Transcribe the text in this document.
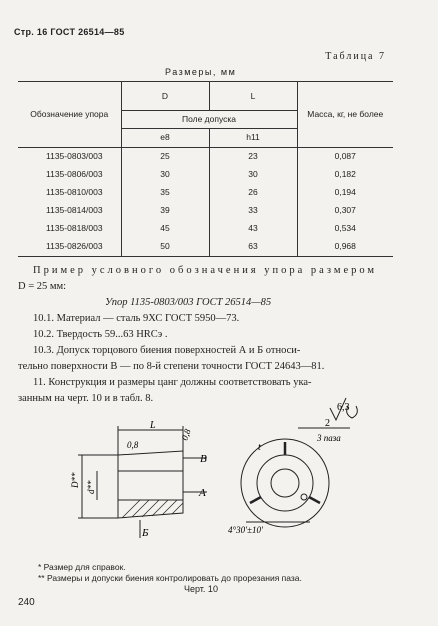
Стр. 16 ГОСТ 26514—85
Таблица 7
Размеры, мм
Обозначение упора	D	L	Масса, кг, не более
	Поле допуска		
	e8	h11	
1135-0803/003	25	23	0,087
1135-0806/003	30	30	0,182
1135-0810/003	35	26	0,194
1135-0814/003	39	33	0,307
1135-0818/003	45	43	0,534
1135-0826/003	50	63	0,968
Пример условного обозначения упора размером
D = 25 мм:
Упор 1135-0803/003 ГОСТ 26514—85
10.1. Материал — сталь 9ХС ГОСТ 5950—73.
10.2. Твердость 59...63 HRCэ .
10.3. Допуск торцового биения поверхностей А и Б относи-
тельно поверхности В — по 8-й степени точности ГОСТ 24643—81.
11. Конструкция и размеры цанг должны соответствовать ука-
занным на черт. 10 и в табл. 8.
0,8
0,8
L
D** d**
В
А
Б
6,3
t
2
3 паза
4°30'±10'
* Размер для справок.
** Размеры и допуски биения контролировать до прорезания паза.
Черт. 10
240
